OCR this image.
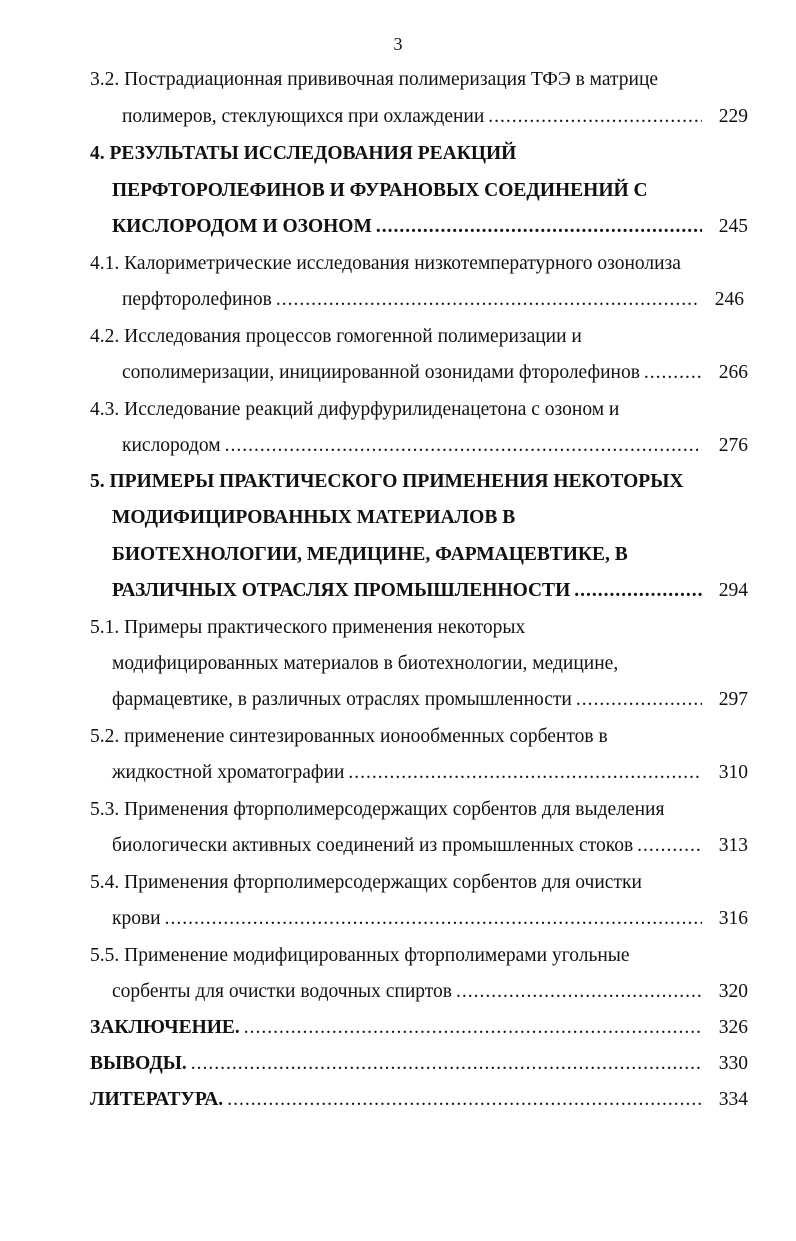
3
3.2. Пострадиационная прививочная полимеризация ТФЭ в матрице
полимеров, стеклующихся при охлаждении .....	229
4. РЕЗУЛЬТАТЫ ИССЛЕДОВАНИЯ РЕАКЦИЙ
ПЕРФТОРОЛЕФИНОВ И ФУРАНОВЫХ СОЕДИНЕНИЙ С
КИСЛОРОДОМ И ОЗОНОМ .....	245
4.1. Калориметрические исследования низкотемпературного озонолиза
перфторолефинов .....	246
4.2. Исследования процессов гомогенной полимеризации и
сополимеризации, инициированной озонидами фторолефинов .....	266
4.3. Исследование реакций дифурфурилиденацетона с озоном и
кислородом .....	276
5. ПРИМЕРЫ ПРАКТИЧЕСКОГО ПРИМЕНЕНИЯ НЕКОТОРЫХ
МОДИФИЦИРОВАННЫХ МАТЕРИАЛОВ В
БИОТЕХНОЛОГИИ, МЕДИЦИНЕ, ФАРМАЦЕВТИКЕ, В
РАЗЛИЧНЫХ ОТРАСЛЯХ ПРОМЫШЛЕННОСТИ .....	294
5.1. Примеры практического применения некоторых
модифицированных материалов в биотехнологии, медицине,
фармацевтике, в различных отраслях промышленности .....	297
5.2. применение синтезированных ионообменных сорбентов в
жидкостной хроматографии .....	310
5.3. Применения фторполимерсодержащих сорбентов для выделения
биологически активных соединений из промышленных стоков .....	313
5.4. Применения фторполимерсодержащих сорбентов для очистки
крови .....	316
5.5. Применение модифицированных фторполимерами угольные
сорбенты для очистки водочных спиртов .....	320
ЗАКЛЮЧЕНИЕ. .....	326
ВЫВОДЫ. .....	330
ЛИТЕРАТУРА. .....	334
